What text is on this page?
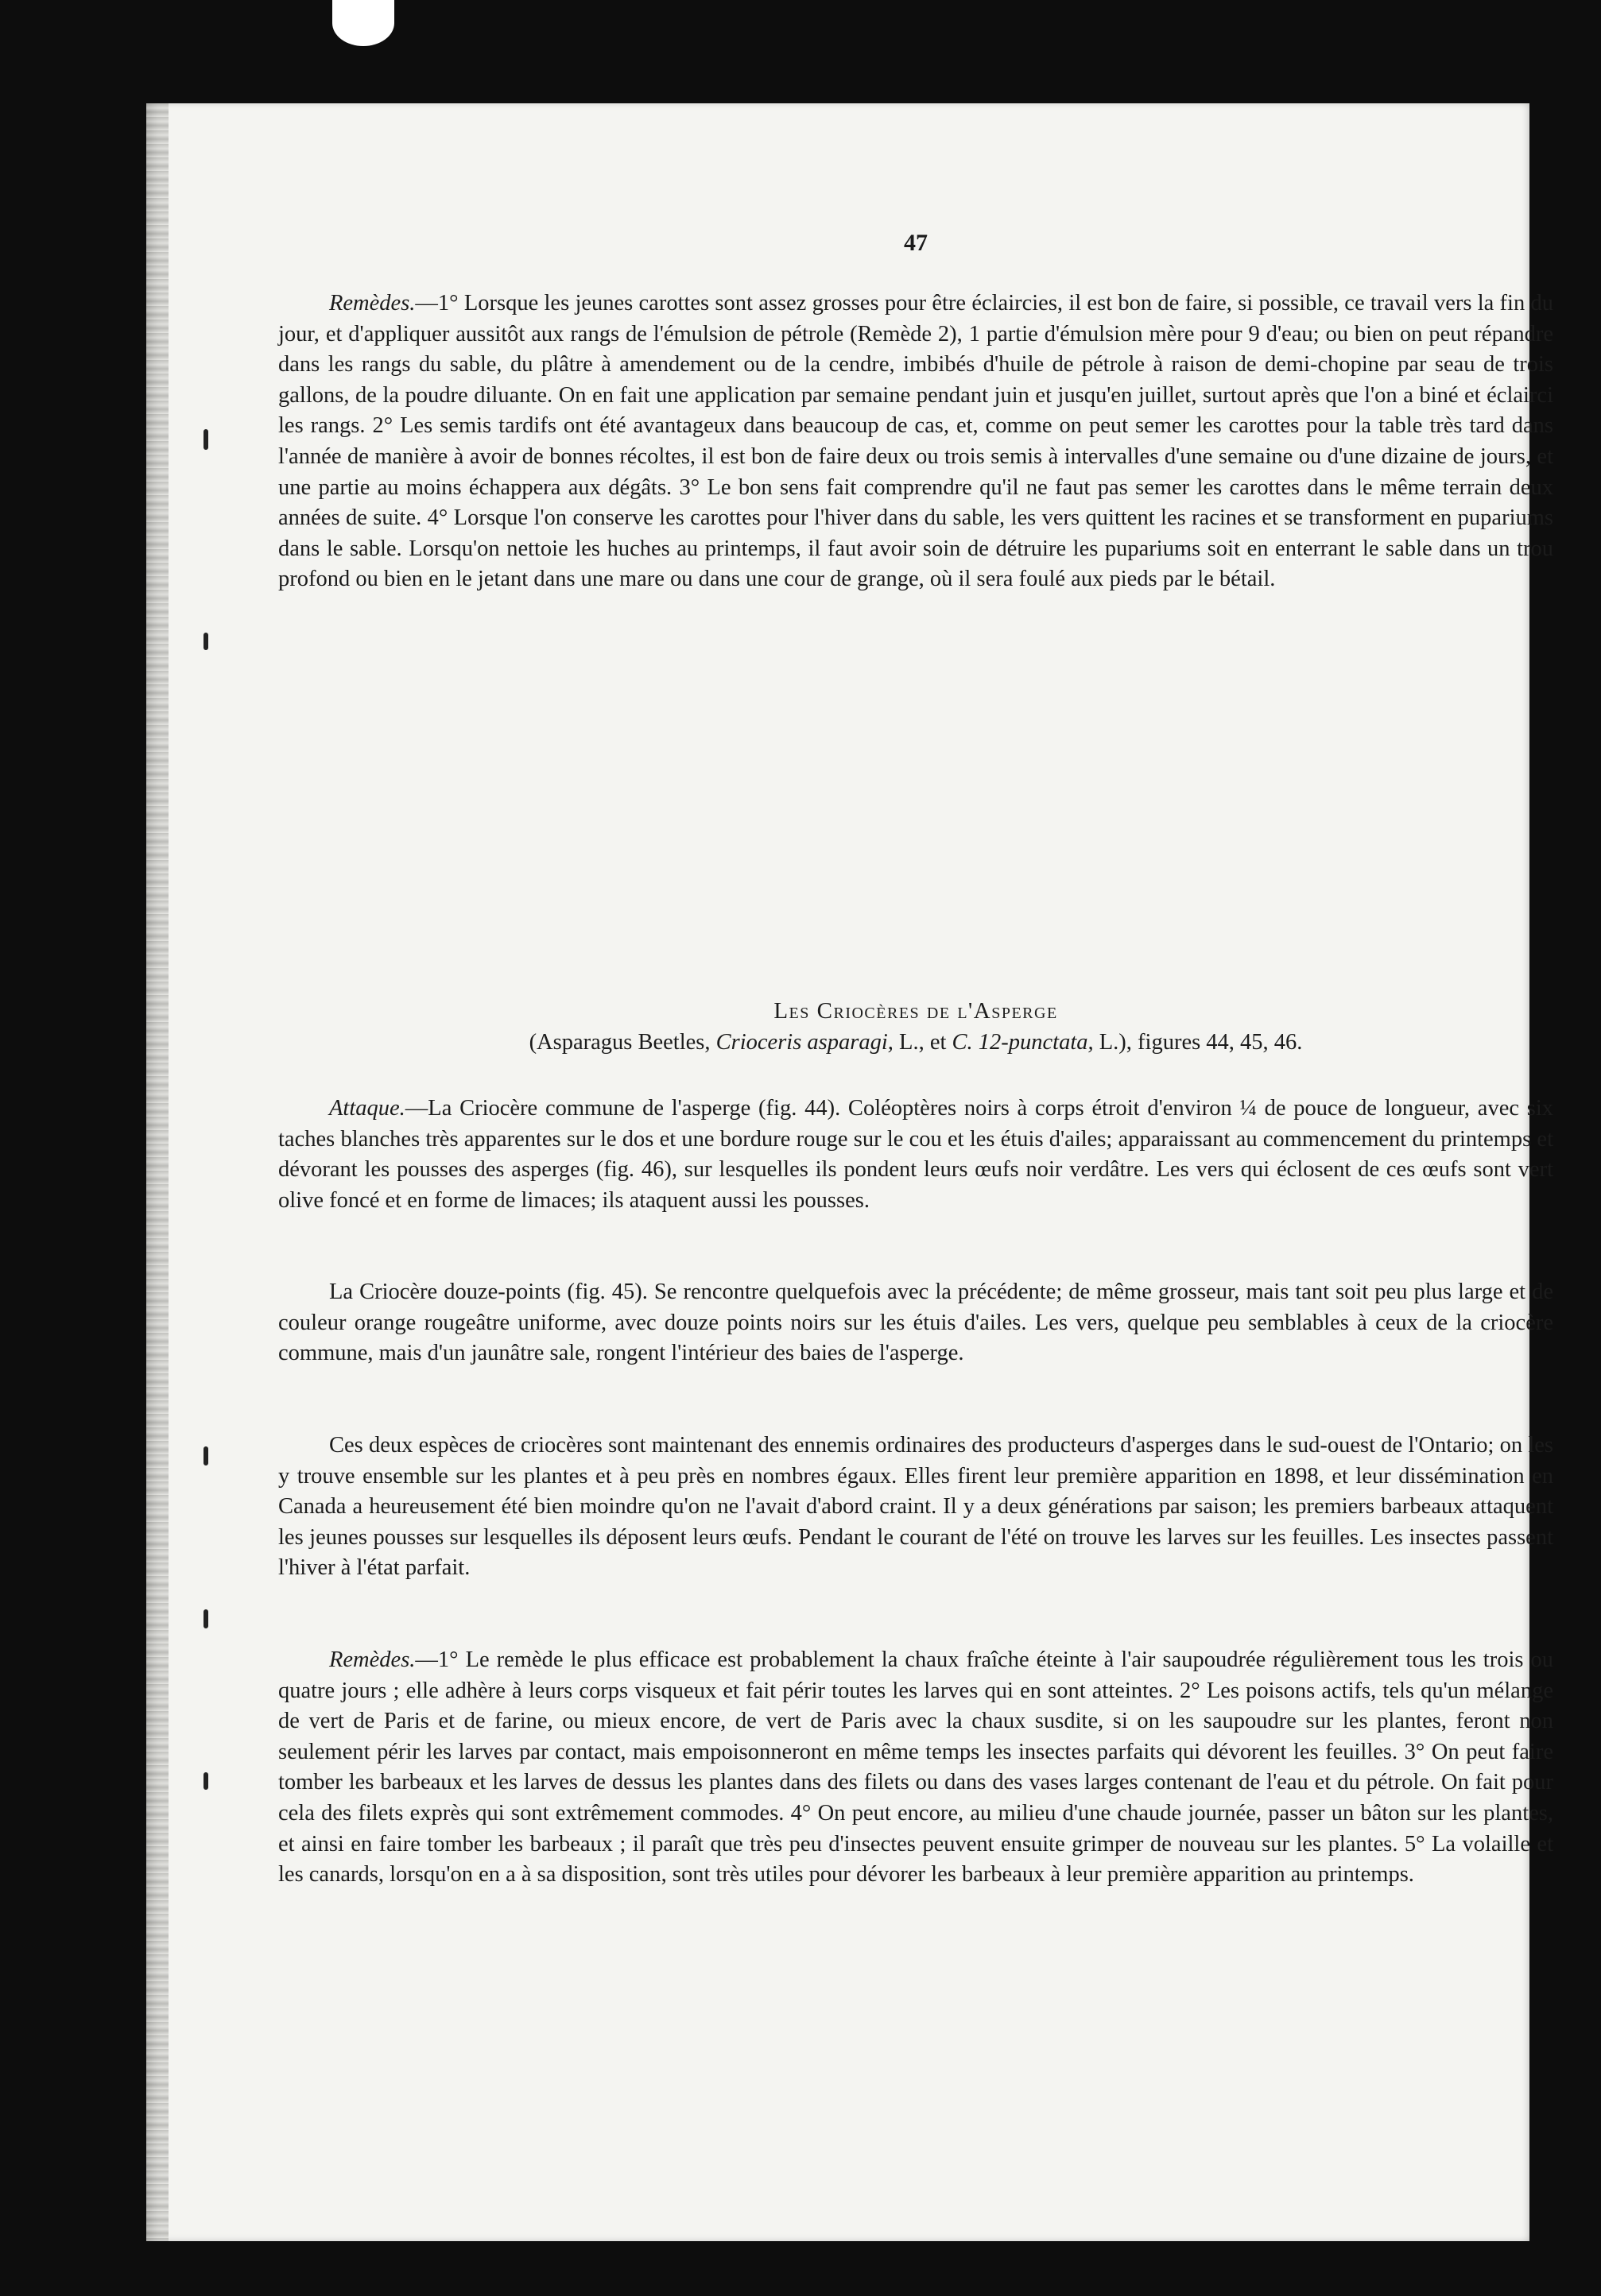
47

Remèdes.—1° Lorsque les jeunes carottes sont assez grosses pour être éclaircies, il est bon de faire, si possible, ce travail vers la fin du jour, et d'appliquer aussitôt aux rangs de l'émulsion de pétrole (Remède 2), 1 partie d'émulsion mère pour 9 d'eau; ou bien on peut répandre dans les rangs du sable, du plâtre à amendement ou de la cendre, imbibés d'huile de pétrole à raison de demi-chopine par seau de trois gallons, de la poudre diluante. On en fait une application par semaine pendant juin et jusqu'en juillet, surtout après que l'on a biné et éclairci les rangs. 2° Les semis tardifs ont été avantageux dans beaucoup de cas, et, comme on peut semer les carottes pour la table très tard dans l'année de manière à avoir de bonnes récoltes, il est bon de faire deux ou trois semis à intervalles d'une semaine ou d'une dizaine de jours, et une partie au moins échappera aux dégâts. 3° Le bon sens fait comprendre qu'il ne faut pas semer les carottes dans le même terrain deux années de suite. 4° Lorsque l'on conserve les carottes pour l'hiver dans du sable, les vers quittent les racines et se transforment en pupariums dans le sable. Lorsqu'on nettoie les huches au printemps, il faut avoir soin de détruire les pupariums soit en enterrant le sable dans un trou profond ou bien en le jetant dans une mare ou dans une cour de grange, où il sera foulé aux pieds par le bétail.

Les Criocères de l'Asperge
(Asparagus Beetles, Crioceris asparagi, L., et C. 12-punctata, L.), figures 44, 45, 46.

Attaque.—La Criocère commune de l'asperge (fig. 44). Coléoptères noirs à corps étroit d'environ ¼ de pouce de longueur, avec six taches blanches très apparentes sur le dos et une bordure rouge sur le cou et les étuis d'ailes; apparaissant au commencement du printemps et dévorant les pousses des asperges (fig. 46), sur lesquelles ils pondent leurs œufs noir verdâtre. Les vers qui éclosent de ces œufs sont vert olive foncé et en forme de limaces; ils ataquent aussi les pousses.

La Criocère douze-points (fig. 45). Se rencontre quelquefois avec la précédente; de même grosseur, mais tant soit peu plus large et de couleur orange rougeâtre uniforme, avec douze points noirs sur les étuis d'ailes. Les vers, quelque peu semblables à ceux de la criocère commune, mais d'un jaunâtre sale, rongent l'intérieur des baies de l'asperge.

Ces deux espèces de criocères sont maintenant des ennemis ordinaires des producteurs d'asperges dans le sud-ouest de l'Ontario; on les y trouve ensemble sur les plantes et à peu près en nombres égaux. Elles firent leur première apparition en 1898, et leur dissémination en Canada a heureusement été bien moindre qu'on ne l'avait d'abord craint. Il y a deux générations par saison; les premiers barbeaux attaquent les jeunes pousses sur lesquelles ils déposent leurs œufs. Pendant le courant de l'été on trouve les larves sur les feuilles. Les insectes passent l'hiver à l'état parfait.

Remèdes.—1° Le remède le plus efficace est probablement la chaux fraîche éteinte à l'air saupoudrée régulièrement tous les trois ou quatre jours ; elle adhère à leurs corps visqueux et fait périr toutes les larves qui en sont atteintes. 2° Les poisons actifs, tels qu'un mélange de vert de Paris et de farine, ou mieux encore, de vert de Paris avec la chaux susdite, si on les saupoudre sur les plantes, feront non seulement périr les larves par contact, mais empoisonneront en même temps les insectes parfaits qui dévorent les feuilles. 3° On peut faire tomber les barbeaux et les larves de dessus les plantes dans des filets ou dans des vases larges contenant de l'eau et du pétrole. On fait pour cela des filets exprès qui sont extrêmement commodes. 4° On peut encore, au milieu d'une chaude journée, passer un bâton sur les plantes, et ainsi en faire tomber les barbeaux ; il paraît que très peu d'insectes peuvent ensuite grimper de nouveau sur les plantes. 5° La volaille et les canards, lorsqu'on en a à sa disposition, sont très utiles pour dévorer les barbeaux à leur première apparition au printemps.
